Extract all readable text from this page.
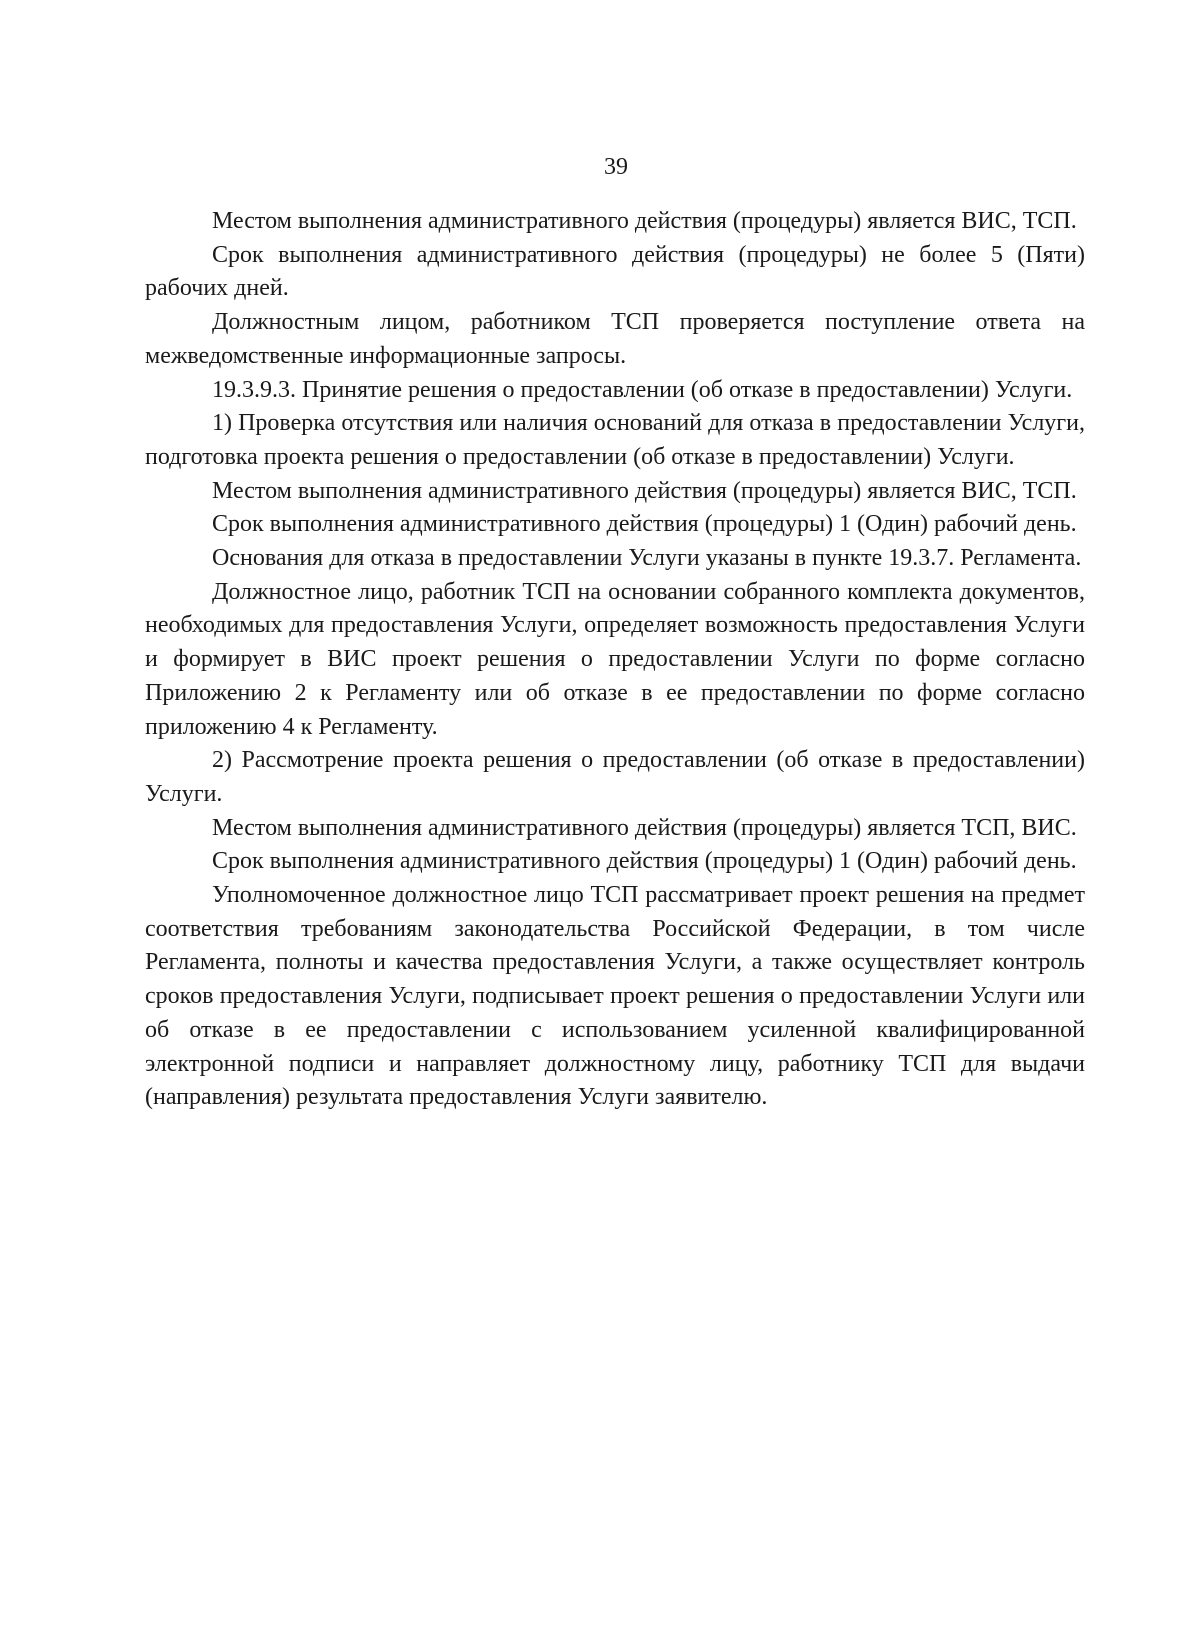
39

Местом выполнения административного действия (процедуры) является ВИС, ТСП.

Срок выполнения административного действия (процедуры) не более 5 (Пяти) рабочих дней.

Должностным лицом, работником ТСП проверяется поступление ответа на межведомственные информационные запросы.

19.3.9.3. Принятие решения о предоставлении (об отказе в предоставлении) Услуги.

1) Проверка отсутствия или наличия оснований для отказа в предоставлении Услуги, подготовка проекта решения о предоставлении (об отказе в предоставлении) Услуги.

Местом выполнения административного действия (процедуры) является ВИС, ТСП.

Срок выполнения административного действия (процедуры) 1 (Один) рабочий день.

Основания для отказа в предоставлении Услуги указаны в пункте 19.3.7. Регламента.

Должностное лицо, работник ТСП на основании собранного комплекта документов, необходимых для предоставления Услуги, определяет возможность предоставления Услуги и формирует в ВИС проект решения о предоставлении Услуги по форме согласно Приложению 2 к Регламенту или об отказе в ее предоставлении по форме согласно приложению 4 к Регламенту.

2) Рассмотрение проекта решения о предоставлении (об отказе в предоставлении) Услуги.

Местом выполнения административного действия (процедуры) является ТСП, ВИС.

Срок выполнения административного действия (процедуры) 1 (Один) рабочий день.

Уполномоченное должностное лицо ТСП рассматривает проект решения на предмет соответствия требованиям законодательства Российской Федерации, в том числе Регламента, полноты и качества предоставления Услуги, а также осуществляет контроль сроков предоставления Услуги, подписывает проект решения о предоставлении Услуги или об отказе в ее предоставлении с использованием усиленной квалифицированной электронной подписи и направляет должностному лицу, работнику ТСП для выдачи (направления) результата предоставления Услуги заявителю.
